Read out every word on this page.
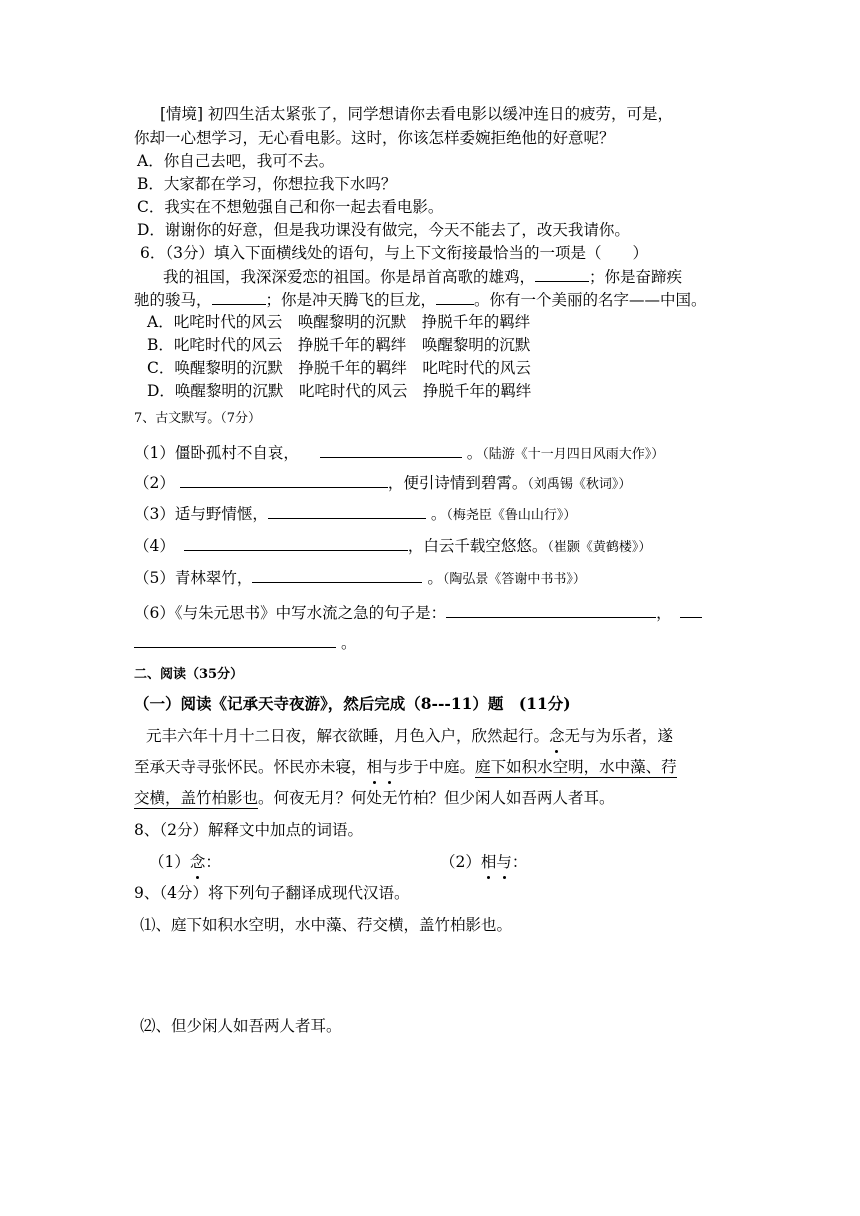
[情境] 初四生活太紧张了，同学想请你去看电影以缓冲连日的疲劳，可是，
你却一心想学习，无心看电影。这时，你该怎样委婉拒绝他的好意呢？
A．你自己去吧，我可不去。
B．大家都在学习，你想拉我下水吗？
C．我实在不想勉强自己和你一起去看电影。
D．谢谢你的好意，但是我功课没有做完，今天不能去了，改天我请你。
6．（3分）填入下面横线处的语句，与上下文衔接最恰当的一项是（　　）
我的祖国，我深深爱恋的祖国。你是昂首高歌的雄鸡，	；你是奋蹄疾
驰的骏马，	；你是冲天腾飞的巨龙， 。你有一个美丽的名字——中国。
A．叱咤时代的风云　唤醒黎明的沉默　挣脱千年的羁绊
B．叱咤时代的风云　挣脱千年的羁绊　唤醒黎明的沉默
C．唤醒黎明的沉默　挣脱千年的羁绊　叱咤时代的风云
D．唤醒黎明的沉默　叱咤时代的风云　挣脱千年的羁绊
7、古文默写。（7分）
（1）僵卧孤村不自哀，	。（陆游《十一月四日风雨大作》）
（2）	，便引诗情到碧霄。（刘禹锡《秋词》）
（3）适与野情惬，	。（梅尧臣《鲁山山行》）
（4）	，白云千载空悠悠。（崔颢《黄鹤楼》）
（5）青林翠竹，	。（陶弘景《答谢中书书》）
（6）《与朱元思书》中写水流之急的句子是：	，
。
二、阅读（35分）
（一）阅读《记承天寺夜游》，然后完成（8---11）题　(11分)
元丰六年十月十二日夜，解衣欲睡，月色入户，欣然起行。念无与为乐者，遂
至承天寺寻张怀民。怀民亦未寝，相与步于中庭。庭下如积水空明，水中藻、荇
交横，盖竹柏影也。何夜无月？何处无竹柏？但少闲人如吾两人者耳。
8、（2分）解释文中加点的词语。
（1）念：	（2）相与：
9、（4分）将下列句子翻译成现代汉语。
⑴、庭下如积水空明，水中藻、荇交横，盖竹柏影也。
⑵、但少闲人如吾两人者耳。
